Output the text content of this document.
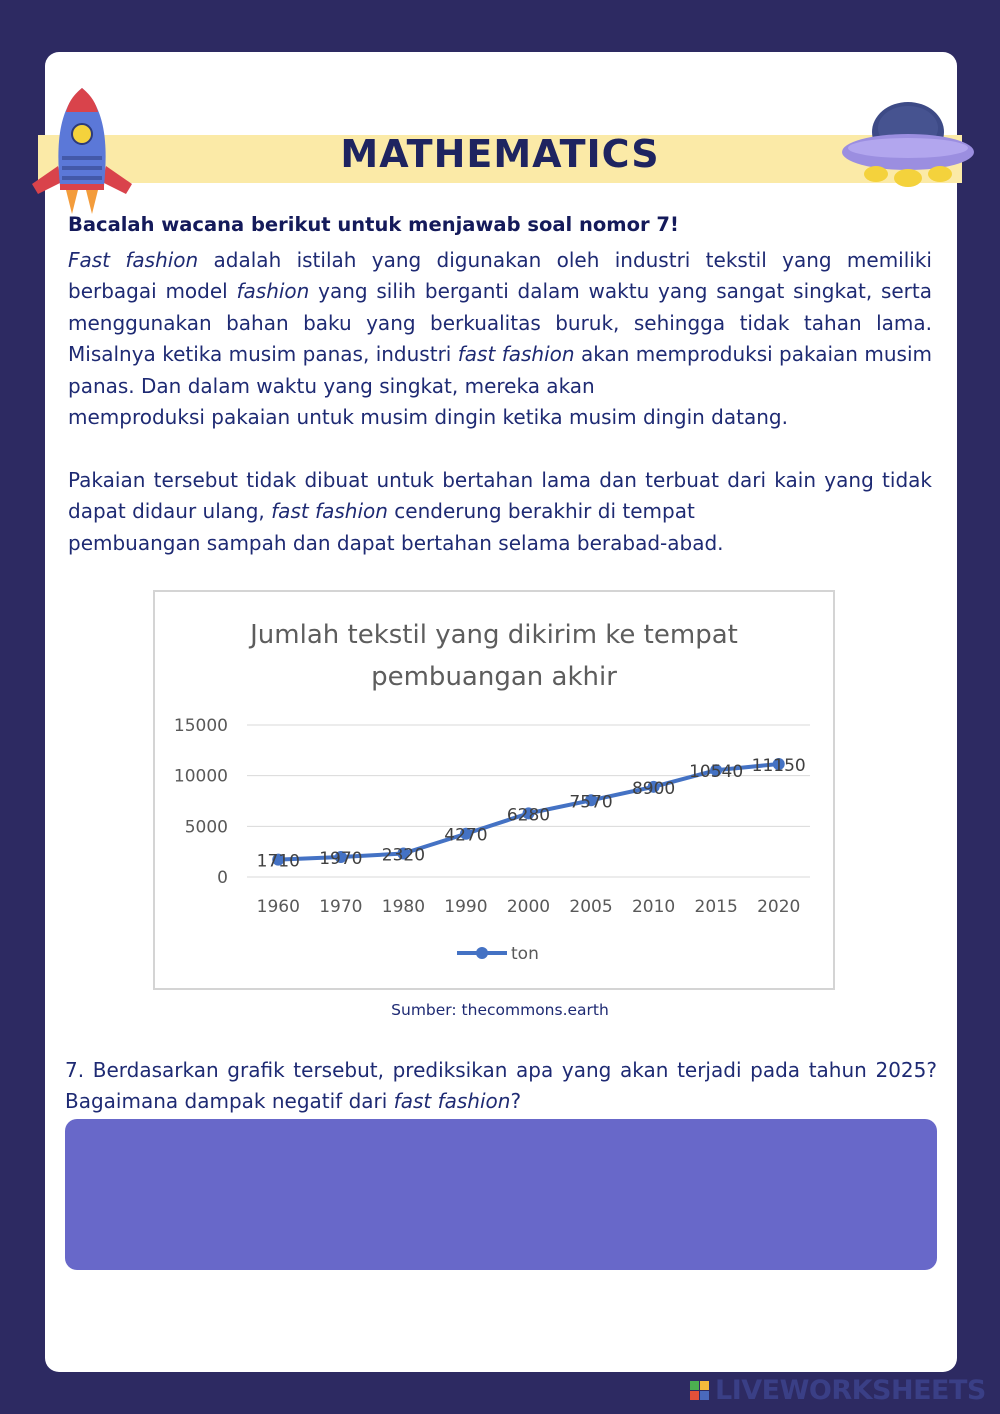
MATHEMATICS
Bacalah wacana berikut untuk menjawab soal nomor 7!
Fast fashion adalah istilah yang digunakan oleh industri tekstil yang memiliki berbagai model fashion yang silih berganti dalam waktu yang sangat singkat, serta menggunakan bahan baku yang berkualitas buruk, sehingga tidak tahan lama. Misalnya ketika musim panas, industri fast fashion akan memproduksi pakaian musim panas. Dan dalam waktu yang singkat, mereka akan
memproduksi pakaian untuk musim dingin ketika musim dingin datang.
Pakaian tersebut tidak dibuat untuk bertahan lama dan terbuat dari kain yang tidak dapat didaur ulang, fast fashion cenderung berakhir di tempat
pembuangan sampah dan dapat bertahan selama berabad-abad.
Jumlah tekstil yang dikirim ke tempat
pembuangan akhir
0
5000
10000
15000
1960 1970 1980 1990 2000 2005 2010 2015 2020
1710 1970 2320
4270
6280
7570
8900
10540 11150
ton
Sumber: thecommons.earth
7. Berdasarkan grafik tersebut, prediksikan apa yang akan terjadi pada tahun 2025? Bagaimana dampak negatif dari fast fashion?
LIVEWORKSHEETS
